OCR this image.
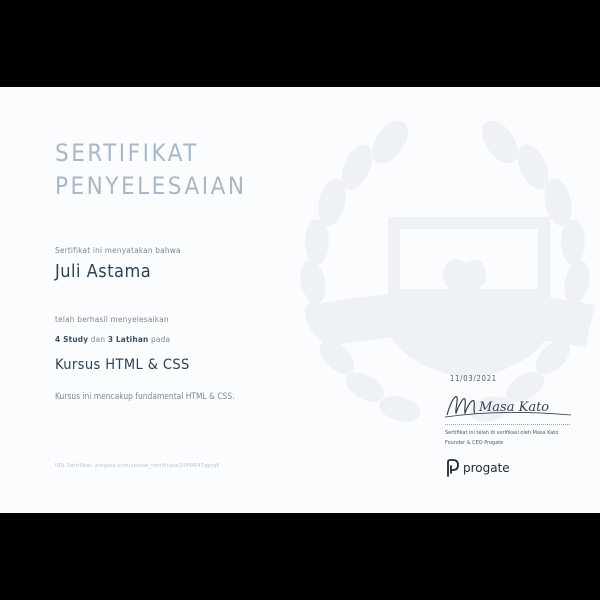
SERTIFIKAT
PENYELESAIAN
Sertifikat ini menyatakan bahwa
Juli Astama
telah berhasil menyelesaikan
4 Study dan 3 Latihan pada
Kursus HTML & CSS
Kursus ini mencakup fundamental HTML & CSS.
URL Sertifikat: progate.com/course_certificate/20f4f647gprq6
11/03/2021
Masa Kato
Sertifikat ini telah di verifikasi oleh Masa Kato
Founder & CEO Progate
progate
